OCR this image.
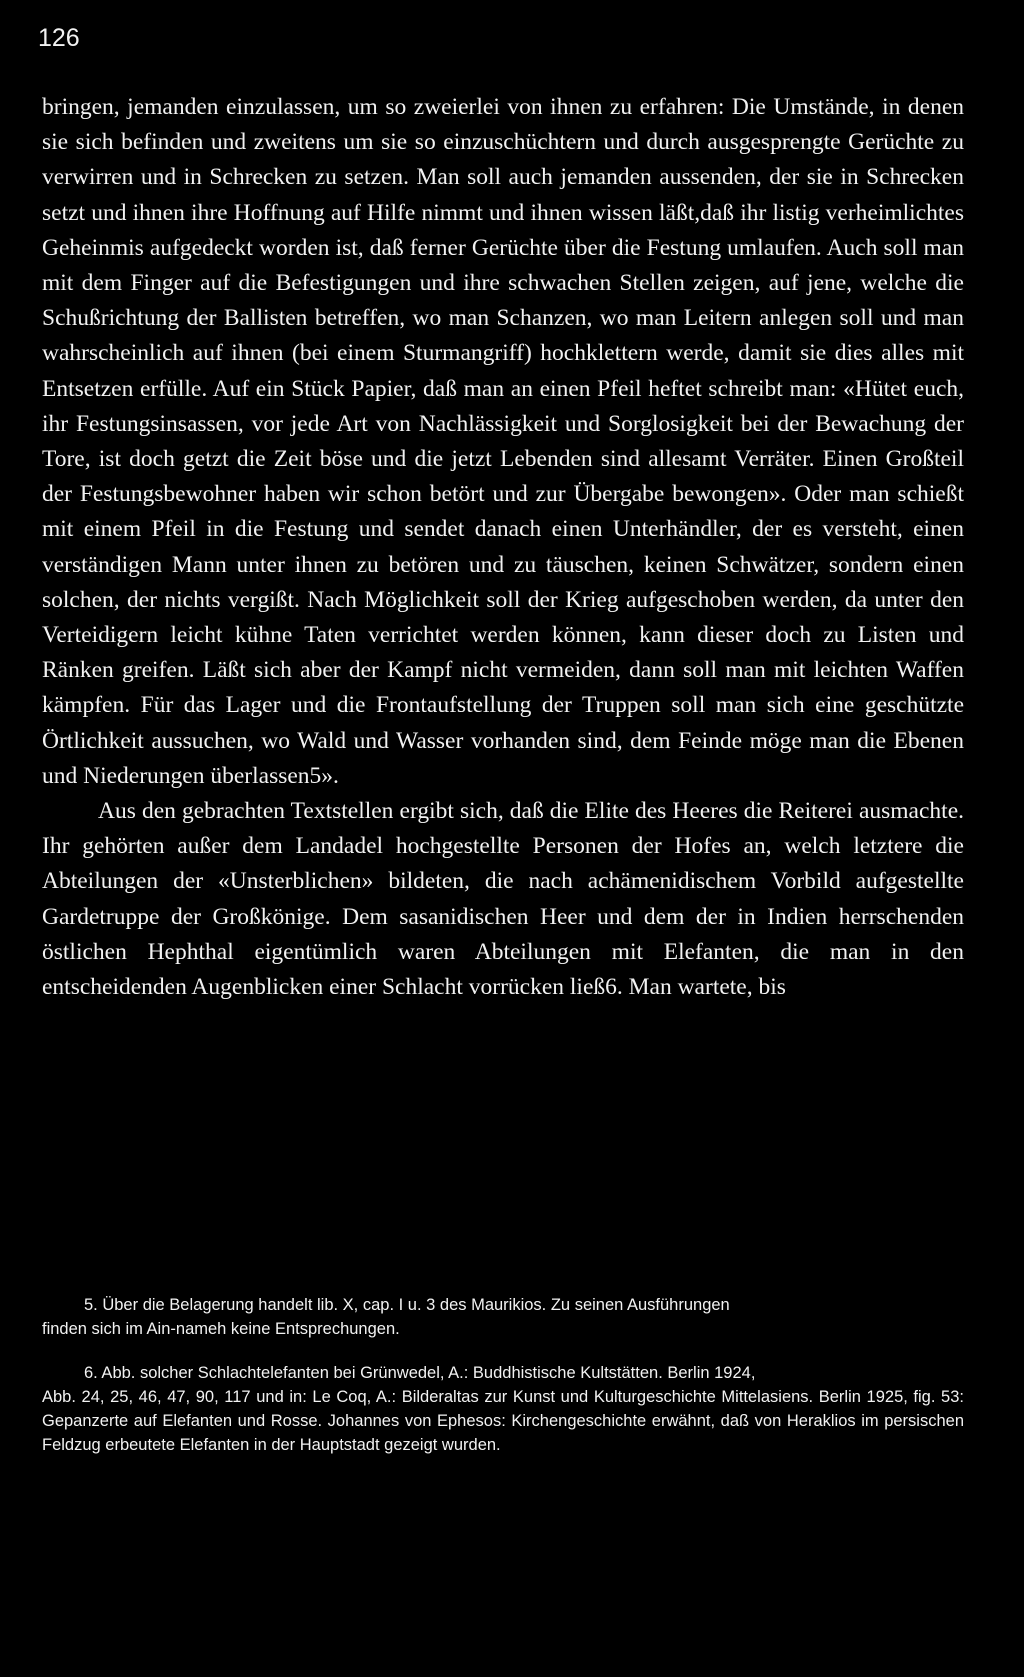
126

bringen, jemanden einzulassen, um so zweierlei von ihnen zu erfahren: Die Umstände, in denen sie sich befinden und zweitens um sie so einzuschüchtern und durch ausgesprengte Gerüchte zu verwirren und in Schrecken zu setzen. Man soll auch jemanden aussenden, der sie in Schrecken setzt und ihnen ihre Hoffnung auf Hilfe nimmt und ihnen wissen läßt,daß ihr listig verheimlichtes Geheinmis aufgedeckt worden ist, daß ferner Gerüchte über die Festung umlaufen. Auch soll man mit dem Finger auf die Befestigungen und ihre schwachen Stellen zeigen, auf jene, welche die Schußrichtung der Ballisten betreffen, wo man Schanzen, wo man Leitern anlegen soll und man wahrscheinlich auf ihnen (bei einem Sturmangriff) hochklettern werde, damit sie dies alles mit Entsetzen erfülle. Auf ein Stück Papier, daß man an einen Pfeil heftet schreibt man: «Hütet euch, ihr Festungsinsassen, vor jede Art von Nachlässigkeit und Sorglosigkeit bei der Bewachung der Tore, ist doch getzt die Zeit böse und die jetzt Lebenden sind allesamt Verräter. Einen Großteil der Festungsbewohner haben wir schon betört und zur Übergabe bewongen». Oder man schießt mit einem Pfeil in die Festung und sendet danach einen Unterhändler, der es versteht, einen verständigen Mann unter ihnen zu betören und zu täuschen, keinen Schwätzer, sondern einen solchen, der nichts vergißt. Nach Möglichkeit soll der Krieg aufgeschoben werden, da unter den Verteidigern leicht kühne Taten verrichtet werden können, kann dieser doch zu Listen und Ränken greifen. Läßt sich aber der Kampf nicht vermeiden, dann soll man mit leichten Waffen kämpfen. Für das Lager und die Frontaufstellung der Truppen soll man sich eine geschützte Örtlichkeit aussuchen, wo Wald und Wasser vorhanden sind, dem Feinde möge man die Ebenen und Niederungen überlassen5».

Aus den gebrachten Textstellen ergibt sich, daß die Elite des Heeres die Reiterei ausmachte. Ihr gehörten außer dem Landadel hochgestellte Personen der Hofes an, welch letztere die Abteilungen der «Unsterblichen» bildeten, die nach achämenidischem Vorbild aufgestellte Gardetruppe der Großkönige. Dem sasanidischen Heer und dem der in Indien herrschenden östlichen Hephthal eigentümlich waren Abteilungen mit Elefanten, die man in den entscheidenden Augenblicken einer Schlacht vorrücken ließ6. Man wartete, bis

5. Über die Belagerung handelt lib. X, cap. I u. 3 des Maurikios. Zu seinen Ausführungen
finden sich im Ain-nameh keine Entsprechungen.

6. Abb. solcher Schlachtelefanten bei Grünwedel, A.: Buddhistische Kultstätten. Berlin 1924,
Abb. 24, 25, 46, 47, 90, 117 und in: Le Coq, A.: Bilderaltas zur Kunst und Kulturgeschichte Mittelasiens. Berlin 1925, fig. 53: Gepanzerte auf Elefanten und Rosse. Johannes von Ephesos: Kirchengeschichte erwähnt, daß von Heraklios im persischen Feldzug erbeutete Elefanten in der Hauptstadt gezeigt wurden.
